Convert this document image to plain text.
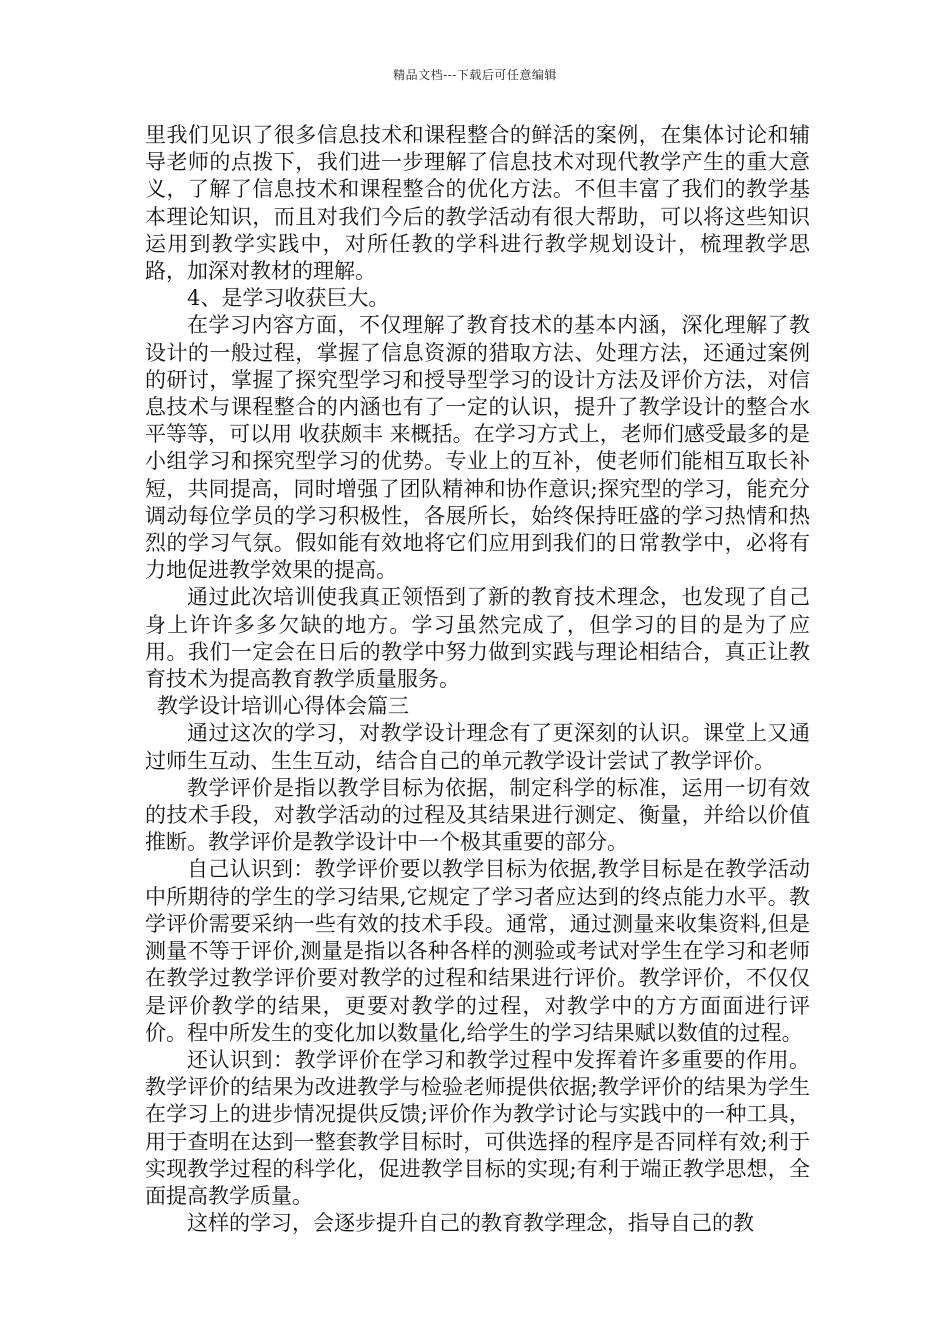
精品文档---下载后可任意编辑

里我们见识了很多信息技术和课程整合的鲜活的案例，在集体讨论和辅导老师的点拨下，我们进一步理解了信息技术对现代教学产生的重大意义，了解了信息技术和课程整合的优化方法。不但丰富了我们的教学基本理论知识，而且对我们今后的教学活动有很大帮助，可以将这些知识运用到教学实践中，对所任教的学科进行教学规划设计，梳理教学思路，加深对教材的理解。

4、是学习收获巨大。

在学习内容方面，不仅理解了教育技术的基本内涵，深化理解了教设计的一般过程，掌握了信息资源的猎取方法、处理方法，还通过案例的研讨，掌握了探究型学习和授导型学习的设计方法及评价方法，对信息技术与课程整合的内涵也有了一定的认识，提升了教学设计的整合水平等等，可以用 收获颇丰 来概括。在学习方式上，老师们感受最多的是小组学习和探究型学习的优势。专业上的互补，使老师们能相互取长补短，共同提高，同时增强了团队精神和协作意识;探究型的学习，能充分调动每位学员的学习积极性，各展所长，始终保持旺盛的学习热情和热烈的学习气氛。假如能有效地将它们应用到我们的日常教学中，必将有力地促进教学效果的提高。

通过此次培训使我真正领悟到了新的教育技术理念，也发现了自己身上许许多多欠缺的地方。学习虽然完成了，但学习的目的是为了应用。我们一定会在日后的教学中努力做到实践与理论相结合，真正让教育技术为提高教育教学质量服务。

教学设计培训心得体会篇三

通过这次的学习，对教学设计理念有了更深刻的认识。课堂上又通过师生互动、生生互动，结合自己的单元教学设计尝试了教学评价。

教学评价是指以教学目标为依据，制定科学的标准，运用一切有效的技术手段，对教学活动的过程及其结果进行测定、衡量，并给以价值推断。教学评价是教学设计中一个极其重要的部分。

自己认识到：教学评价要以教学目标为依据,教学目标是在教学活动中所期待的学生的学习结果,它规定了学习者应达到的终点能力水平。教学评价需要采纳一些有效的技术手段。通常，通过测量来收集资料,但是测量不等于评价,测量是指以各种各样的测验或考试对学生在学习和老师在教学过教学评价要对教学的过程和结果进行评价。教学评价，不仅仅是评价教学的结果，更要对教学的过程，对教学中的方方面面进行评价。程中所发生的变化加以数量化,给学生的学习结果赋以数值的过程。

还认识到：教学评价在学习和教学过程中发挥着许多重要的作用。教学评价的结果为改进教学与检验老师提供依据;教学评价的结果为学生在学习上的进步情况提供反馈;评价作为教学讨论与实践中的一种工具，用于查明在达到一整套教学目标时，可供选择的程序是否同样有效;利于实现教学过程的科学化，促进教学目标的实现;有利于端正教学思想，全面提高教学质量。

这样的学习，会逐步提升自己的教育教学理念，指导自己的教
